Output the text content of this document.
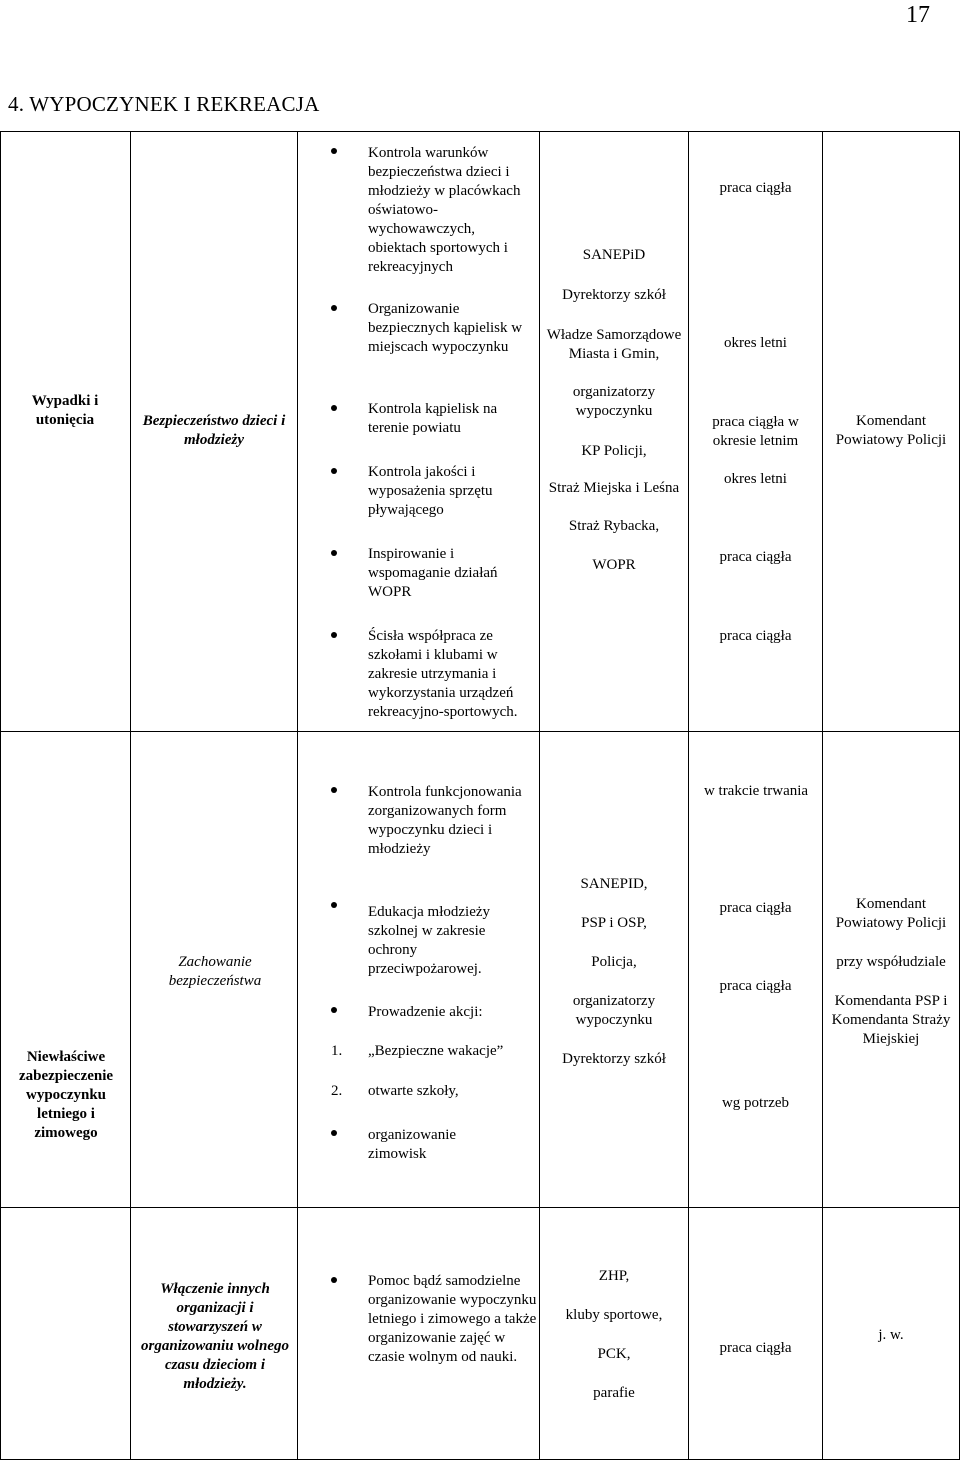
17
4. WYPOCZYNEK I REKREACJA
Wypadki i utonięcia	Bezpieczeństwo dzieci i młodzieży
Kontrola warunków bezpieczeństwa dzieci i młodzieży w placówkach oświatowo-wychowawczych, obiektach sportowych i rekreacyjnych
Organizowanie bezpiecznych kąpielisk w miejscach wypoczynku
Kontrola kąpielisk na terenie powiatu
Kontrola jakości i wyposażenia sprzętu pływającego
Inspirowanie i wspomaganie działań WOPR
Ścisła współpraca ze szkołami i klubami w zakresie utrzymania i wykorzystania urządzeń rekreacyjno-sportowych.
SANEPiD
Dyrektorzy szkół
Władze Samorządowe Miasta i Gmin,
organizatorzy wypoczynku
KP Policji,
Straż Miejska i Leśna
Straż Rybacka,
WOPR
praca ciągła
okres letni
praca ciągła w okresie letnim
okres letni
praca ciągła
praca ciągła
Komendant Powiatowy Policji
Niewłaściwe zabezpieczenie wypoczynku letniego i zimowego
Zachowanie bezpieczeństwa
Kontrola funkcjonowania zorganizowanych form wypoczynku dzieci i młodzieży
Edukacja młodzieży szkolnej w zakresie ochrony przeciwpożarowej.
Prowadzenie akcji:
1. „Bezpieczne wakacje”
2. otwarte szkoły,
organizowanie zimowisk
SANEPID,
PSP i OSP,
Policja,
organizatorzy wypoczynku
Dyrektorzy szkół
w trakcie trwania
praca ciągła
praca ciągła
wg potrzeb
Komendant Powiatowy Policji
przy współudziale
Komendanta PSP i Komendanta Straży Miejskiej
Włączenie innych organizacji i stowarzyszeń w organizowaniu wolnego czasu dzieciom i młodzieży.
Pomoc bądź samodzielne organizowanie wypoczynku letniego i zimowego a także organizowanie zajęć w czasie wolnym od nauki.
ZHP,
kluby sportowe,
PCK,
parafie
praca ciągła
j. w.
